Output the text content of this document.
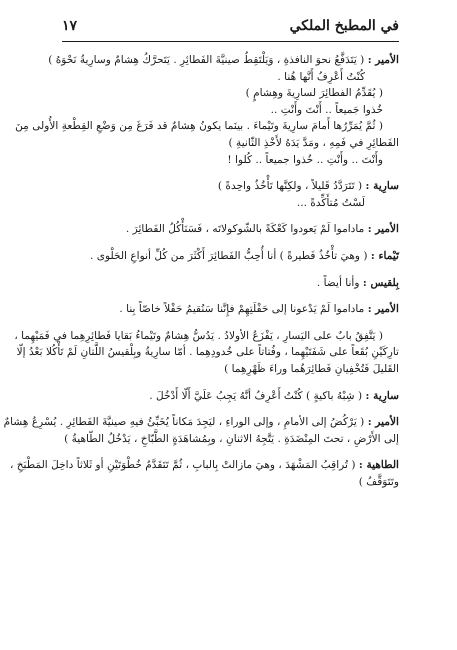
في المطبخ الملكي
١٧
الأمير : ( يَتَدَفَّعُ نحوَ النافذةِ ، وَيَلْتَقِطُ صينيَّةَ الفَطائِرِ . يَتَحرَّكُ هِشامٌ وسارِيةُ نَحْوَهُ )
كُنْتُ أَعْرِفُ أَنَّها هُنا .
( يُقَدِّمُ الفطائِرَ لسارِيةَ وهِشامٍ )
خُذوا جَميعاً .. أَنْتَ وأَنْتِ ..
( ثُمَّ يُمَرِّرُها أَمامَ سارِيةَ وتَيْماءَ . بينَما يكونُ هِشامٌ قد فَرَغَ مِن وَضْعِ القِطْعةِ الأُولى مِنَ
الفَطائِرِ في فَمِهِ ، ومَدَّ يَدَهُ لأَخْذِ الثّانيةِ )
وأَنْتَ .. وأَنْتِ .. خُذوا جميعاً .. كُلوا !
سارِية : ( تَتَرَدَّدُ قَليلاً ، ولكِنَّها تَأْخُذُ واحِدةً )
لَسْتُ مُتأَكِّدةً ...
الأمير : ماداموا لَمْ يَعودوا كَعْكَةً بالشّوكولاتَه ، فَسَنَأْكُلُ الفَطائِرَ .
تَيْماء : ( وهيَ تأْخُذُ فَطيرةً ) أنا أُحِبُّ الفَطائِرَ أَكْثَرَ من كُلِّ أنواعِ الحَلْوى .
بِلقيس : وأنا أيضاً .
الأمير : ماداموا لَمْ يَدْعونا إلى حَفْلَتِهِمْ فإِنَّنا سَنُقيمُ حَفْلاً خاصّاً بِنا .
( يَتَّفِقُ بابٌ على اليَسارِ ، يَفْزَعُ الأولادُ . يَدُسُّ هِشامٌ وتَيْماءُ بَقايا فَطائِرِهِما في فَمَيْهِما ،
تارِكَيْنِ بُقَعاً على شَفَتَيْهِما ، وفُتاتاً على خُدودِهِما . أمّا سارِيةُ وبِلْقيسُ اللَّتانِ لَمْ تَأْكُلا بَعْدُ إلّا
القَليلَ فَتُخْفِيانِ فَطائِرَهُما وراءَ ظَهْرِهِما )
سارِية : ( شِبْهُ باكيةٍ ) كُنْتُ أَعْرِفُ أنَّهُ يَجِبُ عَلَيَّ أَلّا أَدْخُلَ .
الأمير : ( يَرْكُضُ إلى الأمامِ ، وإلى الوراءِ ، ليَجِدَ مَكاناً يُخَبِّئُ فيهِ صينيَّةَ الفَطائِرِ . يُسْرِعُ هِشامٌ
إلى الأَرْضِ ، تحتَ المِنْضَدَةِ . يَتَّجِهُ الاثنانِ ، وبِمُشاهَدَةٍ الطَّبّاخِ ، يَدْخُلُ الطّاهيةُ )
الطاهية : ( تُراقِبُ المَشْهَدَ ، وهيَ مازالتْ بِالبابِ ، ثُمَّ تَتَقَدَّمُ خُطْوَتَيْنِ أو ثَلاثاً داخِلَ المَطْبَخِ ،
وتَتَوَقَّفُ )
